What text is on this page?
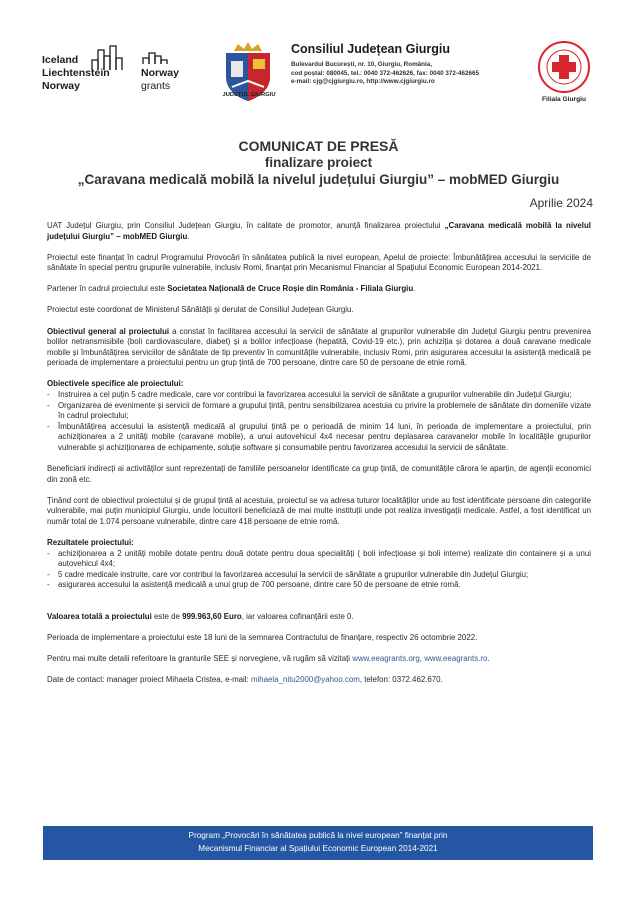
Iceland
Liechtenstein
Norway
Norway
grants
JUDEȚUL GIURGIU
Consiliul Județean Giurgiu
Bulevardul București, nr. 10, Giurgiu, România,
cod poștal: 080045, tel.: 0040 372-462626, fax: 0040 372-462665
e-mail: cjg@cjgiurgiu.ro, http://www.cjgiurgiu.ro
Filiala Giurgiu
COMUNICAT DE PRESĂ
finalizare proiect
„Caravana medicală mobilă la nivelul județului Giurgiu” – mobMED Giurgiu
Aprilie 2024

UAT Județul Giurgiu, prin Consiliul Județean Giurgiu, în calitate de promotor, anunță finalizarea proiectului „Caravana medicală mobilă la nivelul județului Giurgiu” – mobMED Giurgiu.

Proiectul este finanțat în cadrul Programului Provocări în sănătatea publică la nivel european, Apelul de proiecte: Îmbunătățirea accesului la serviciile de sănătate în special pentru grupurile vulnerabile, inclusiv Romi, finanțat prin Mecanismul Financiar al Spațiului Economic European 2014-2021.

Partener în cadrul proiectului este Societatea Națională de Cruce Roșie din România - Filiala Giurgiu.

Proiectul este coordonat de Ministerul Sănătății și derulat de Consiliul Județean Giurgiu.

Obiectivul general al proiectului a constat în facilitarea accesului la servicii de sănătate al grupurilor vulnerabile din Județul Giurgiu pentru prevenirea bolilor netransmisibile (boli cardiovasculare, diabet) și a bolilor infecțioase (hepatită, Covid-19 etc.), prin achiziția și dotarea a două caravane medicale mobile și îmbunătățirea serviciilor de sănătate de tip preventiv în comunitățile vulnerabile, inclusiv Romi, prin asigurarea accesului la asistență medicală pe perioada de implementare a proiectului pentru un grup țintă de 700 persoane, dintre care 50 de persoane de etnie romă.

Obiectivele specifice ale proiectului:
- Instruirea a cel puțin 5 cadre medicale, care vor contribui la favorizarea accesului la servicii de sănătate a grupurilor vulnerabile din Județul Giurgiu;
- Organizarea de evenimente și servicii de formare a grupului țintă, pentru sensibilizarea acestuia cu privire la problemele de sănătate din domeniile vizate în cadrul proiectului;
- Îmbunătățirea accesului la asistență medicală al grupului țintă pe o perioadă de minim 14 luni, în perioada de implementare a proiectului, prin achiziționarea a 2 unități mobile (caravane mobile), a unui autovehicul 4x4 necesar pentru deplasarea caravanelor mobile în localitățile grupurilor vulnerabile și achiziționarea de echipamente, soluție software și consumabile pentru favorizarea accesului la servicii de sănătate.

Beneficiarii indirecți ai activităților sunt reprezentați de familiile persoanelor identificate ca grup țintă, de comunitățile cărora le aparțin, de agenții economici din zonă etc.

Ținând cont de obiectivul proiectului și de grupul țintă al acestuia, proiectul se va adresa tuturor localităților unde au fost identificate persoane din categoriile vulnerabile, mai puțin municipiul Giurgiu, unde locuitorii beneficiază de mai multe instituții unde pot realiza investigații medicale. Astfel, a fost identificat un număr total de 1.074 persoane vulnerabile, dintre care 418 persoane de etnie romă.

Rezultatele proiectului:
- achiziționarea a 2 unități mobile dotate pentru două dotate pentru doua specialități ( boli infecțioase și boli interne) realizate din containere și a unui autovehicul 4x4;
- 5 cadre medicale instruite, care vor contribui la favorizarea accesului la servicii de sănătate a grupurilor vulnerabile din Județul Giurgiu;
- asigurarea accesului la asistență medicală a unui grup de 700 persoane, dintre care 50 de persoane de etnie romă.

Valoarea totală a proiectului este de 999.963,60 Euro, iar valoarea cofinanțării este 0.

Perioada de implementare a proiectului este 18 luni de la semnarea Contractului de finanțare, respectiv 26 octombrie 2022.

Pentru mai multe detalii referitoare la granturile SEE și norvegiene, vă rugăm să vizitați www.eeagrants.org, www.eeagrants.ro.

Date de contact: manager proiect Mihaela Cristea, e-mail: mihaela_nitu2000@yahoo.com, telefon: 0372.462.670.

Program „Provocări în sănătatea publică la nivel european” finanțat prin
Mecanismul Financiar al Spațiului Economic European 2014-2021
